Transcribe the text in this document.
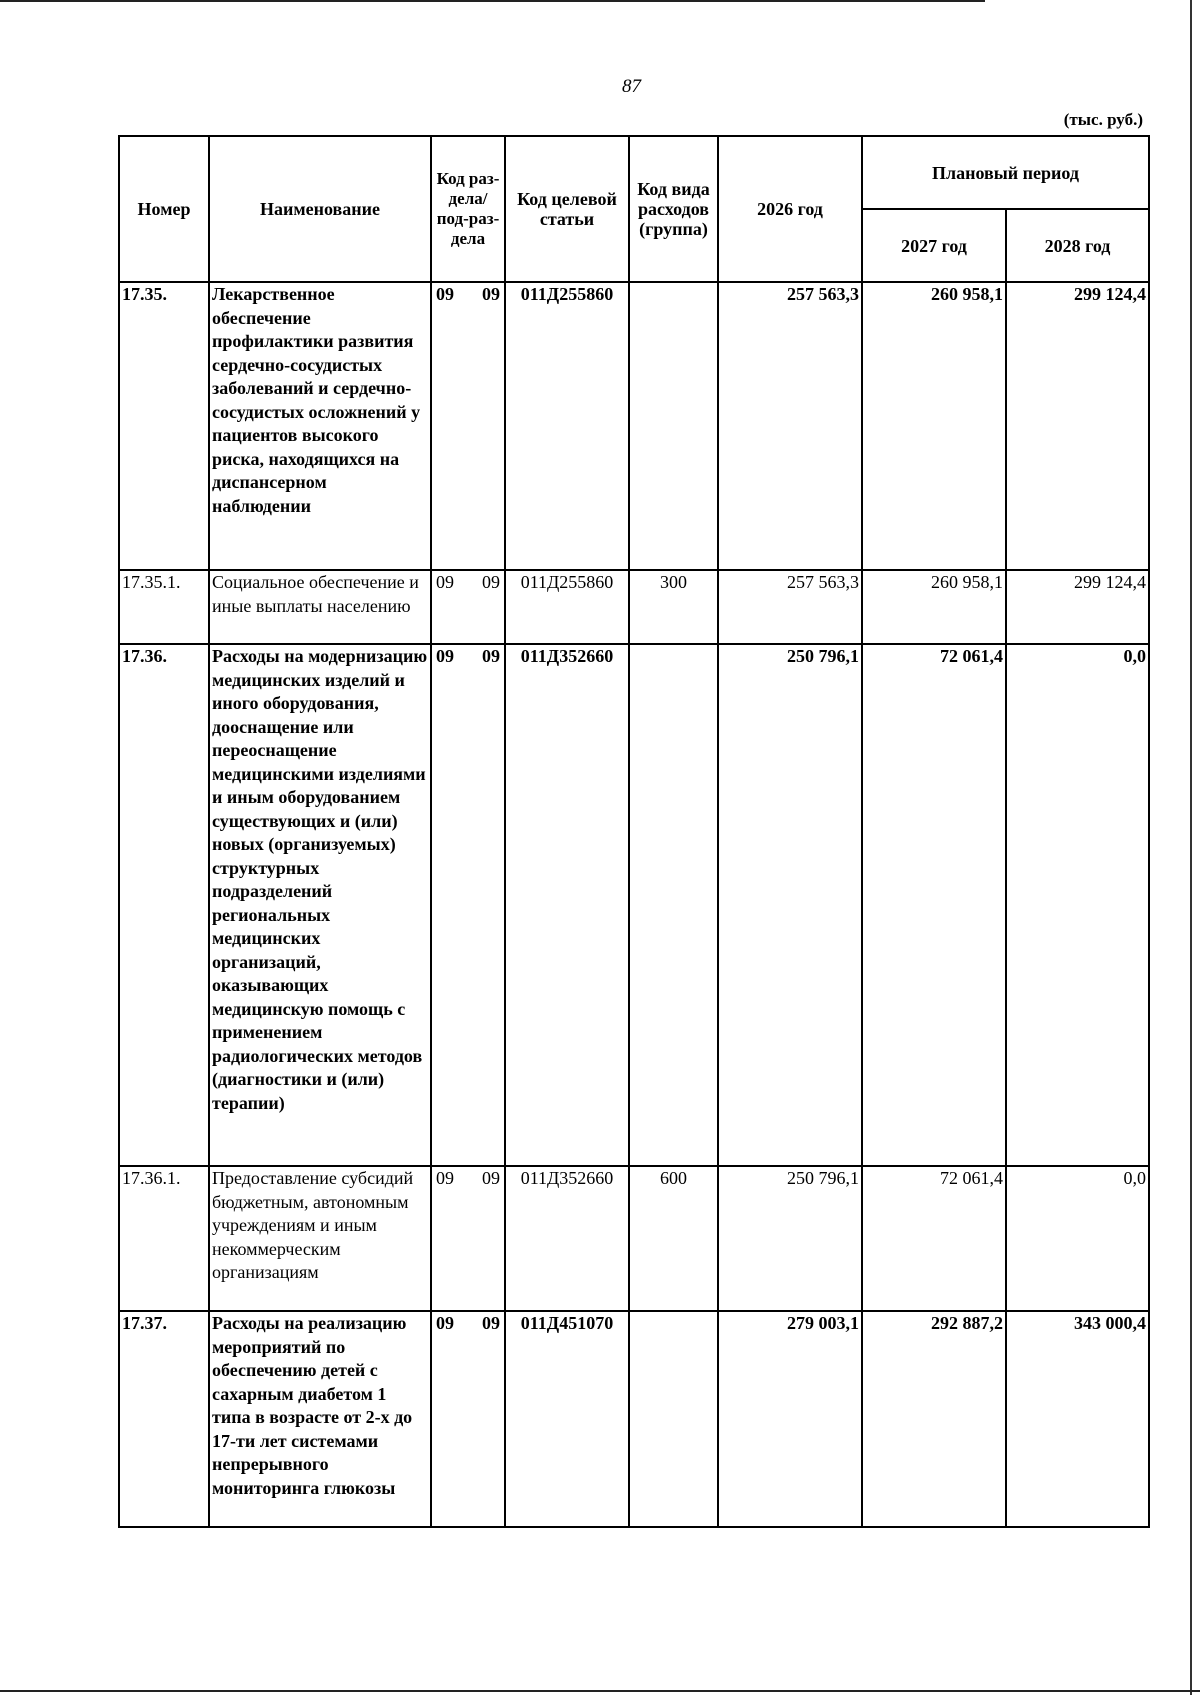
87
(тыс. руб.)
Номер	Наименование	Код раз-дела/ под-раз-дела	Код целевой статьи	Код вида расходов (группа)	2026 год	Плановый период	
						2027 год	2028 год
17.35.	Лекарственное обеспечение профилактики развития сердечно-сосудистых заболеваний и сердечно-сосудистых осложнений у пациентов высокого риска, находящихся на диспансерном наблюдении	09 09	011Д255860		257 563,3	260 958,1	299 124,4
17.35.1.	Социальное обеспечение и иные выплаты населению	09 09	011Д255860	300	257 563,3	260 958,1	299 124,4
17.36.	Расходы на модернизацию медицинских изделий и иного оборудования, дооснащение или переоснащение медицинскими изделиями и иным оборудованием существующих и (или) новых (организуемых) структурных подразделений региональных медицинских организаций, оказывающих медицинскую помощь с применением радиологических методов (диагностики и (или) терапии)	09 09	011Д352660		250 796,1	72 061,4	0,0
17.36.1.	Предоставление субсидий бюджетным, автономным учреждениям и иным некоммерческим организациям	09 09	011Д352660	600	250 796,1	72 061,4	0,0
17.37.	Расходы на реализацию мероприятий по обеспечению детей с сахарным диабетом 1 типа в возрасте от 2-х до 17-ти лет системами непрерывного мониторинга глюкозы	09 09	011Д451070		279 003,1	292 887,2	343 000,4
